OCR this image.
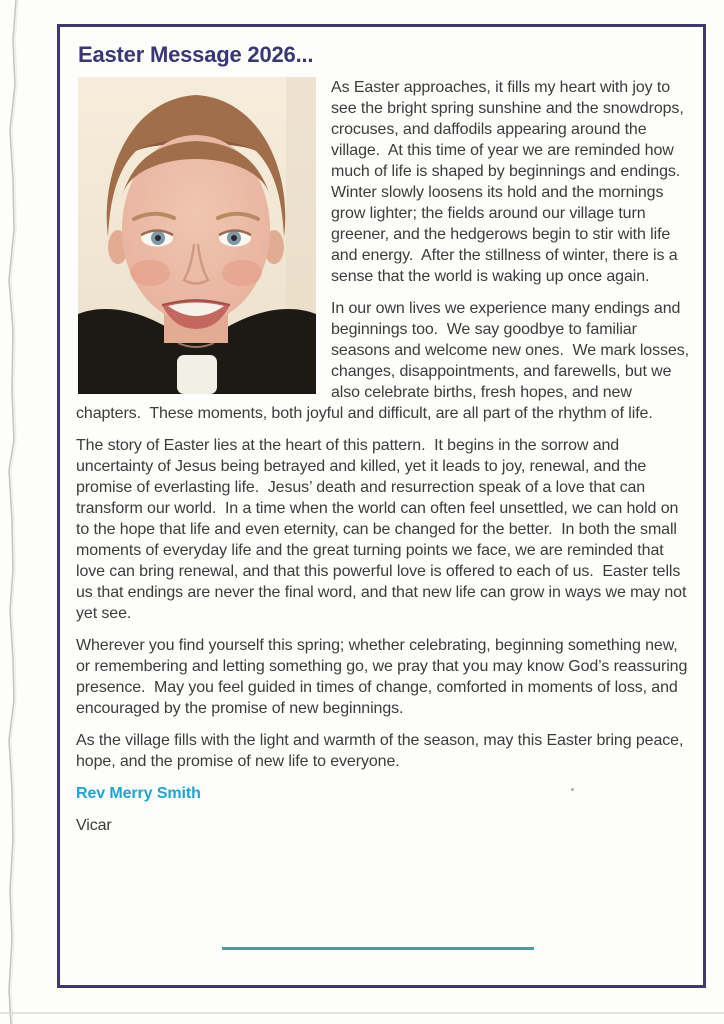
Easter Message 2026...

As Easter approaches, it fills my heart with joy to see the bright spring sunshine and the snowdrops, crocuses, and daffodils appearing around the village.  At this time of year we are reminded how much of life is shaped by beginnings and endings.  Winter slowly loosens its hold and the mornings grow lighter; the fields around our village turn greener, and the hedgerows begin to stir with life and energy.  After the stillness of winter, there is a sense that the world is waking up once again.

In our own lives we experience many endings and beginnings too.  We say goodbye to familiar seasons and welcome new ones.  We mark losses, changes, disappointments, and farewells, but we also celebrate births, fresh hopes, and new chapters.  These moments, both joyful and difficult, are all part of the rhythm of life.

The story of Easter lies at the heart of this pattern.  It begins in the sorrow and uncertainty of Jesus being betrayed and killed, yet it leads to joy, renewal, and the promise of everlasting life.  Jesus’ death and resurrection speak of a love that can transform our world.  In a time when the world can often feel unsettled, we can hold on to the hope that life and even eternity, can be changed for the better.  In both the small moments of everyday life and the great turning points we face, we are reminded that love can bring renewal, and that this powerful love is offered to each of us.  Easter tells us that endings are never the final word, and that new life can grow in ways we may not yet see.

Wherever you find yourself this spring; whether celebrating, beginning something new, or remembering and letting something go, we pray that you may know God’s reassuring presence.  May you feel guided in times of change, comforted in moments of loss, and encouraged by the promise of new beginnings.

As the village fills with the light and warmth of the season, may this Easter bring peace, hope, and the promise of new life to everyone.

Rev Merry Smith

Vicar
